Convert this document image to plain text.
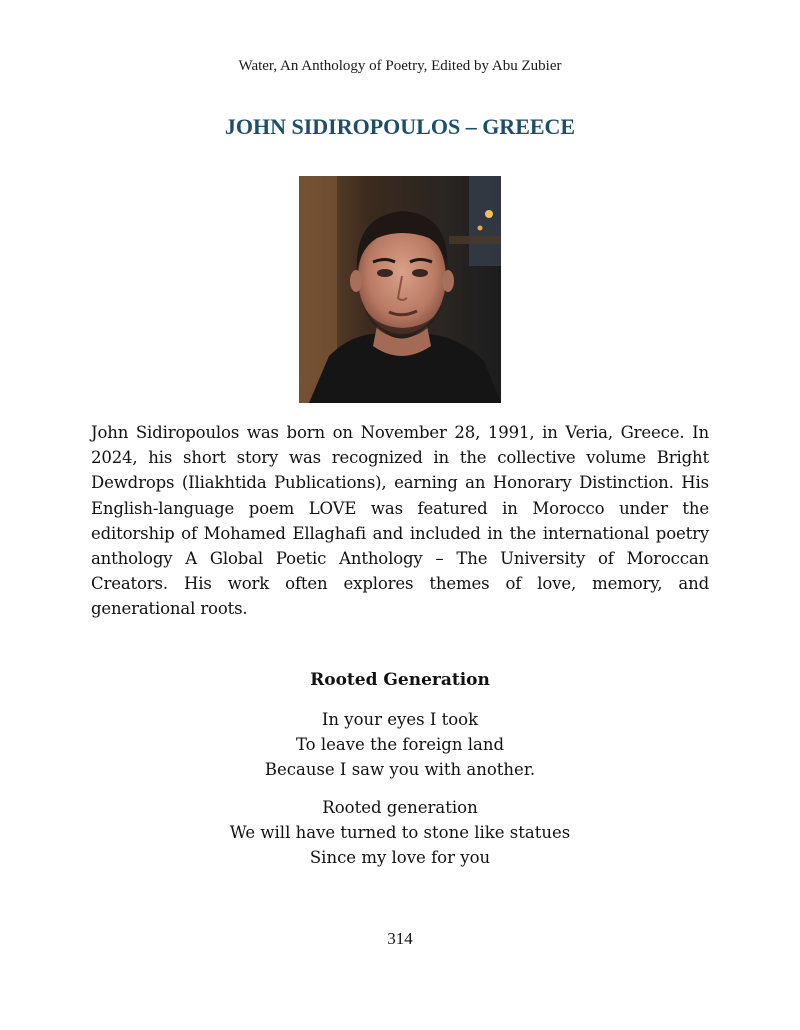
Water, An Anthology of Poetry, Edited by Abu Zubier
JOHN SIDIROPOULOS – GREECE

John Sidiropoulos was born on November 28, 1991, in Veria, Greece. In 2024, his short story was recognized in the collective volume Bright Dewdrops (Iliakhtida Publications), earning an Honorary Distinction. His English-language poem LOVE was featured in Morocco under the editorship of Mohamed Ellaghafi and included in the international poetry anthology A Global Poetic Anthology – The University of Moroccan Creators. His work often explores themes of love, memory, and generational roots.

Rooted Generation
In your eyes I took
To leave the foreign land
Because I saw you with another.
Rooted generation
We will have turned to stone like statues
Since my love for you
314
